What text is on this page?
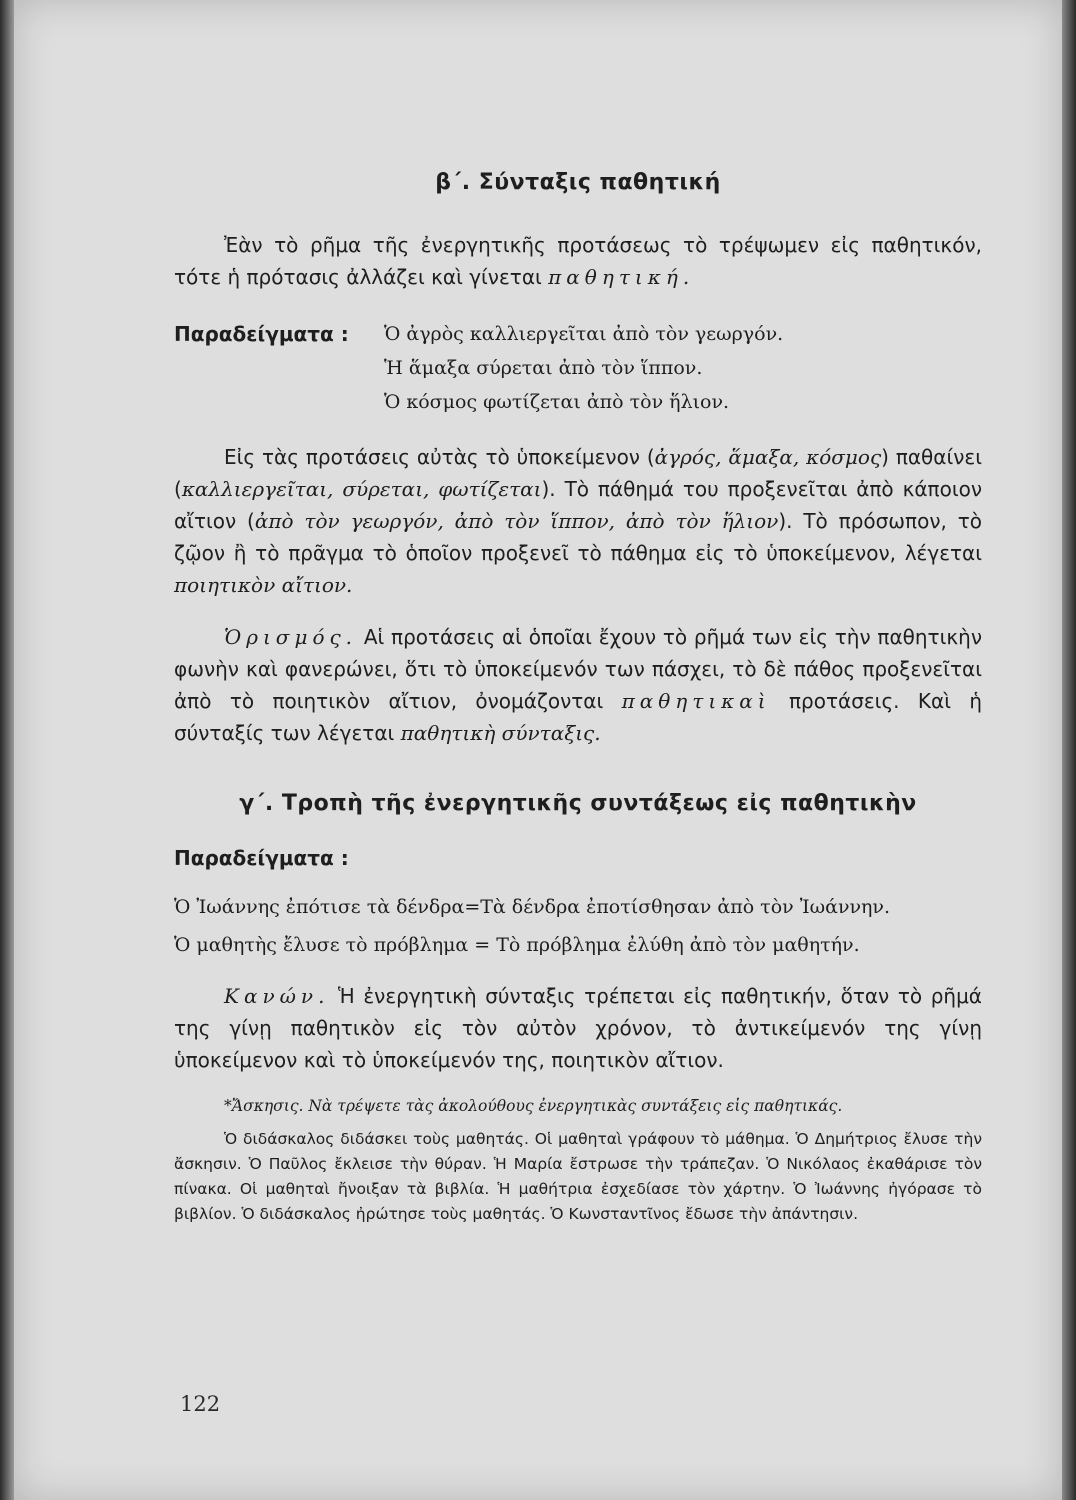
β΄. Σύνταξις παθητική

Ἐὰν τὸ ρῆμα τῆς ἐνεργητικῆς προτάσεως τὸ τρέψωμεν εἰς παθητικόν, τότε ἡ πρότασις ἀλλάζει καὶ γίνεται παθητική.

Παραδείγματα :	Ὁ ἀγρὸς καλλιεργεῖται ἀπὸ τὸν γεωργόν.
Ἡ ἅμαξα σύρεται ἀπὸ τὸν ἵππον.
Ὁ κόσμος φωτίζεται ἀπὸ τὸν ἥλιον.

Εἰς τὰς προτάσεις αὐτὰς τὸ ὑποκείμενον (ἀγρός, ἅμαξα, κόσμος) παθαίνει (καλλιεργεῖται, σύρεται, φωτίζεται). Τὸ πάθημά του προξενεῖται ἀπὸ κάποιον αἴτιον (ἀπὸ τὸν γεωργόν, ἀπὸ τὸν ἵππον, ἀπὸ τὸν ἥλιον). Τὸ πρόσωπον, τὸ ζῷον ἢ τὸ πρᾶγμα τὸ ὁποῖον προξενεῖ τὸ πάθημα εἰς τὸ ὑποκείμενον, λέγεται ποιητικὸν αἴτιον.

Ὁρισμός. Αἱ προτάσεις αἱ ὁποῖαι ἔχουν τὸ ρῆμά των εἰς τὴν παθητικὴν φωνὴν καὶ φανερώνει, ὅτι τὸ ὑποκείμενόν των πάσχει, τὸ δὲ πάθος προξενεῖται ἀπὸ τὸ ποιητικὸν αἴτιον, ὀνομάζονται παθητικαὶ προτάσεις. Καὶ ἡ σύνταξίς των λέγεται παθητικὴ σύνταξις.

γ΄. Τροπὴ τῆς ἐνεργητικῆς συντάξεως εἰς παθητικὴν
Παραδείγματα :
Ὁ Ἰωάννης ἐπότισε τὰ δένδρα=Τὰ δένδρα ἐποτίσθησαν ἀπὸ τὸν Ἰωάννην.
Ὁ μαθητὴς ἔλυσε τὸ πρόβλημα = Τὸ πρόβλημα ἐλύθη ἀπὸ τὸν μαθητήν.

Κανών. Ἡ ἐνεργητικὴ σύνταξις τρέπεται εἰς παθητικήν, ὅταν τὸ ρῆμά της γίνῃ παθητικὸν εἰς τὸν αὐτὸν χρόνον, τὸ ἀντικείμενόν της γίνῃ ὑποκείμενον καὶ τὸ ὑποκείμενόν της, ποιητικὸν αἴτιον.

*Ἄσκησις. Νὰ τρέψετε τὰς ἀκολούθους ἐνεργητικὰς συντάξεις εἰς παθητικάς.

Ὁ διδάσκαλος διδάσκει τοὺς μαθητάς. Οἱ μαθηταὶ γράφουν τὸ μάθημα. Ὁ Δημήτριος ἔλυσε τὴν ἄσκησιν. Ὁ Παῦλος ἔκλεισε τὴν θύραν. Ἡ Μαρία ἔστρωσε τὴν τράπεζαν. Ὁ Νικόλαος ἐκαθάρισε τὸν πίνακα. Οἱ μαθηταὶ ἤνοιξαν τὰ βιβλία. Ἡ μαθήτρια ἐσχεδίασε τὸν χάρτην. Ὁ Ἰωάννης ἠγόρασε τὸ βιβλίον. Ὁ διδάσκαλος ἠρώτησε τοὺς μαθητάς. Ὁ Κωνσταντῖνος ἔδωσε τὴν ἀπάντησιν.

122
